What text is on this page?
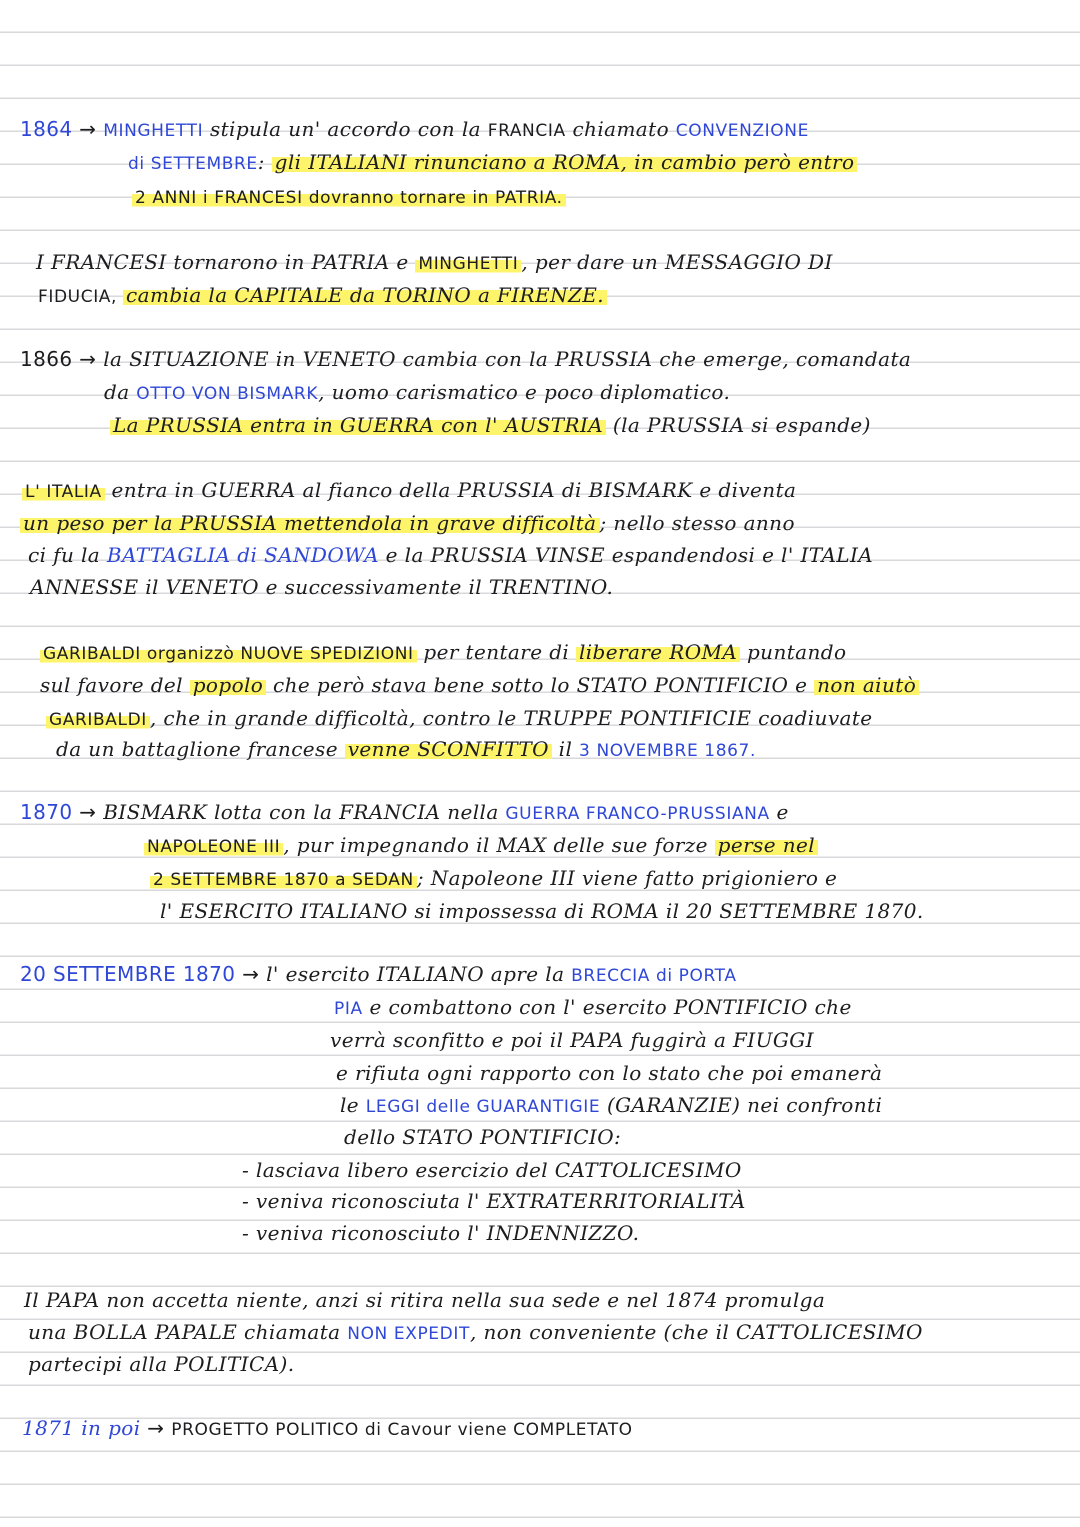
1864 → MINGHETTI stipula un' accordo con la FRANCIA chiamato CONVENZIONE
di SETTEMBRE: gli ITALIANI rinunciano a ROMA, in cambio però entro
2 ANNI i FRANCESI dovranno tornare in PATRIA.
I FRANCESI tornarono in PATRIA e MINGHETTI , per dare un MESSAGGIO DI
FIDUCIA, cambia la CAPITALE da TORINO a FIRENZE.
1866 → la SITUAZIONE in VENETO cambia con la PRUSSIA che emerge, comandata
da OTTO VON BISMARK, uomo carismatico e poco diplomatico.
La PRUSSIA entra in GUERRA con l' AUSTRIA (la PRUSSIA si espande)
L' ITALIA entra in GUERRA al fianco della PRUSSIA di BISMARK e diventa
un peso per la PRUSSIA mettendola in grave difficoltà ; nello stesso anno
ci fu la BATTAGLIA di SANDOWA e la PRUSSIA VINSE espandendosi e l' ITALIA
ANNESSE il VENETO e successivamente il TRENTINO.
GARIBALDI organizzò NUOVE SPEDIZIONI per tentare di liberare ROMA puntando
sul favore del popolo che però stava bene sotto lo STATO PONTIFICIO e non aiutò
GARIBALDI , che in grande difficoltà, contro le TRUPPE PONTIFICIE coadiuvate
da un battaglione francese venne SCONFITTO il 3 NOVEMBRE 1867.
1870 → BISMARK lotta con la FRANCIA nella GUERRA FRANCO-PRUSSIANA e
NAPOLEONE III , pur impegnando il MAX delle sue forze perse nel
2 SETTEMBRE 1870 a SEDAN ; Napoleone III viene fatto prigioniero e
l' ESERCITO ITALIANO si impossessa di ROMA il 20 SETTEMBRE 1870.
20 SETTEMBRE 1870 → l' esercito ITALIANO apre la BRECCIA di PORTA
PIA e combattono con l' esercito PONTIFICIO che
verrà sconfitto e poi il PAPA fuggirà a FIUGGI
e rifiuta ogni rapporto con lo stato che poi emanerà
le LEGGI delle GUARANTIGIE (GARANZIE) nei confronti
dello STATO PONTIFICIO:
- lasciava libero esercizio del CATTOLICESIMO
- veniva riconosciuta l' EXTRATERRITORIALITÀ
- veniva riconosciuto l' INDENNIZZO.
Il PAPA non accetta niente, anzi si ritira nella sua sede e nel 1874 promulga
una BOLLA PAPALE chiamata NON EXPEDIT, non conveniente (che il CATTOLICESIMO
partecipi alla POLITICA).
1871 in poi → PROGETTO POLITICO di Cavour viene COMPLETATO
